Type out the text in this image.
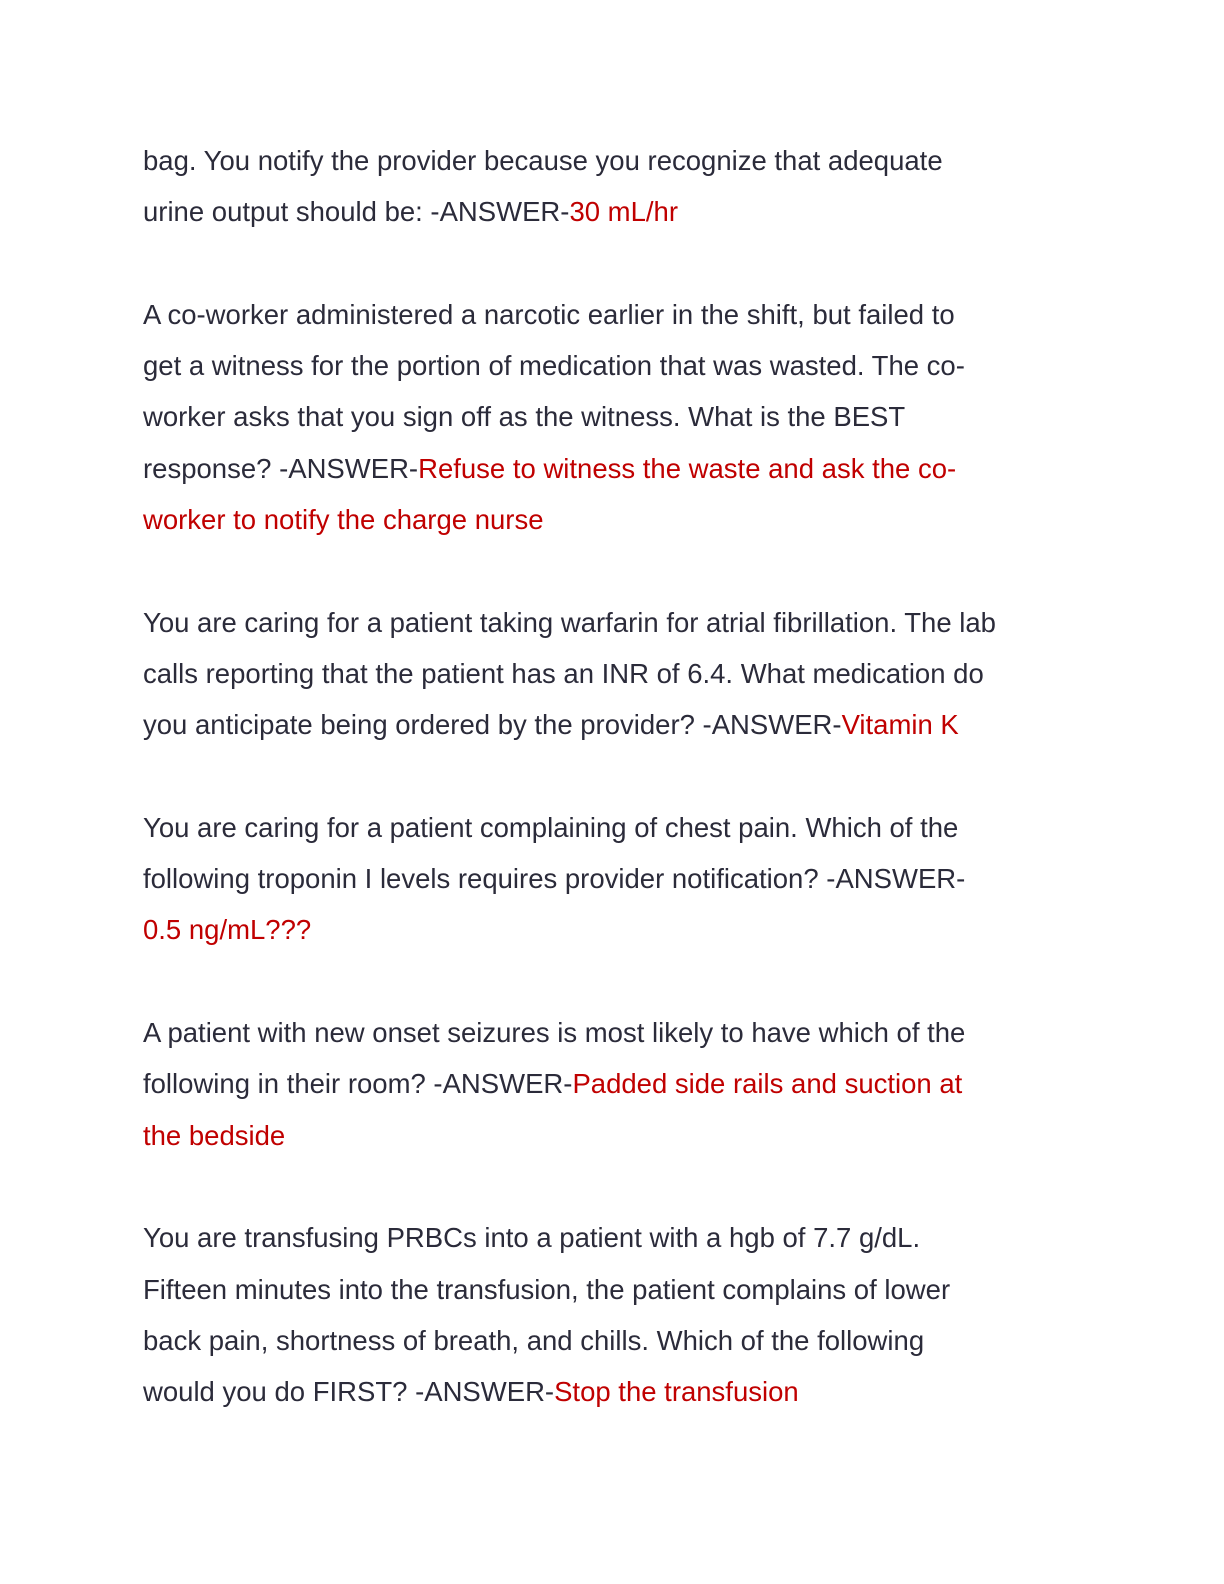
bag. You notify the provider because you recognize that adequate
urine output should be: -ANSWER-30 mL/hr
A co-worker administered a narcotic earlier in the shift, but failed to
get a witness for the portion of medication that was wasted. The co-
worker asks that you sign off as the witness. What is the BEST
response? -ANSWER-Refuse to witness the waste and ask the co-
worker to notify the charge nurse
You are caring for a patient taking warfarin for atrial fibrillation. The lab
calls reporting that the patient has an INR of 6.4. What medication do
you anticipate being ordered by the provider? -ANSWER-Vitamin K
You are caring for a patient complaining of chest pain. Which of the
following troponin I levels requires provider notification? -ANSWER-
0.5 ng/mL???
A patient with new onset seizures is most likely to have which of the
following in their room? -ANSWER-Padded side rails and suction at
the bedside
You are transfusing PRBCs into a patient with a hgb of 7.7 g/dL.
Fifteen minutes into the transfusion, the patient complains of lower
back pain, shortness of breath, and chills. Which of the following
would you do FIRST? -ANSWER-Stop the transfusion
